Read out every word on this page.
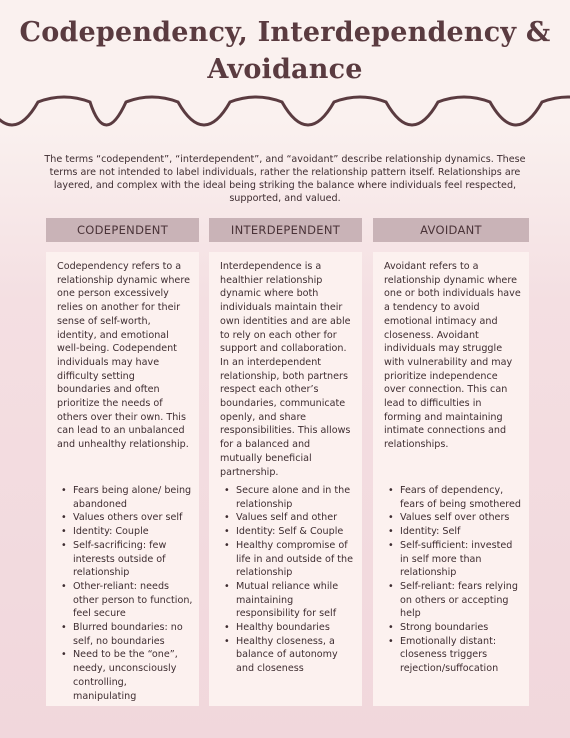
Codependency, Interdependency &
Avoidance
The terms “codependent”, “interdependent”, and “avoidant” describe relationship dynamics. These terms are not intended to label individuals, rather the relationship pattern itself. Relationships are layered, and complex with the ideal being striking the balance where individuals feel respected, supported, and valued.
CODEPENDENT	INTERDEPENDENT	AVOIDANT

Codependency refers to a relationship dynamic where one person excessively relies on another for their sense of self-worth, identity, and emotional well-being. Codependent individuals may have difficulty setting boundaries and often prioritize the needs of others over their own. This can lead to an unbalanced and unhealthy relationship.

• Fears being alone/ being abandoned
• Values others over self
• Identity: Couple
• Self-sacrificing: few interests outside of relationship
• Other-reliant: needs other person to function, feel secure
• Blurred boundaries: no self, no boundaries
• Need to be the “one”, needy, unconsciously controlling, manipulating

Interdependence is a healthier relationship dynamic where both individuals maintain their own identities and are able to rely on each other for support and collaboration. In an interdependent relationship, both partners respect each other’s boundaries, communicate openly, and share responsibilities. This allows for a balanced and mutually beneficial partnership.

• Secure alone and in the relationship
• Values self and other
• Identity: Self & Couple
• Healthy compromise of life in and outside of the relationship
• Mutual reliance while maintaining responsibility for self
• Healthy boundaries
• Healthy closeness, a balance of autonomy and closeness

Avoidant refers to a relationship dynamic where one or both individuals have a tendency to avoid emotional intimacy and closeness. Avoidant individuals may struggle with vulnerability and may prioritize independence over connection. This can lead to difficulties in forming and maintaining intimate connections and relationships.

• Fears of dependency, fears of being smothered
• Values self over others
• Identity: Self
• Self-sufficient: invested in self more than relationship
• Self-reliant: fears relying on others or accepting help
• Strong boundaries
• Emotionally distant: closeness triggers rejection/suffocation
